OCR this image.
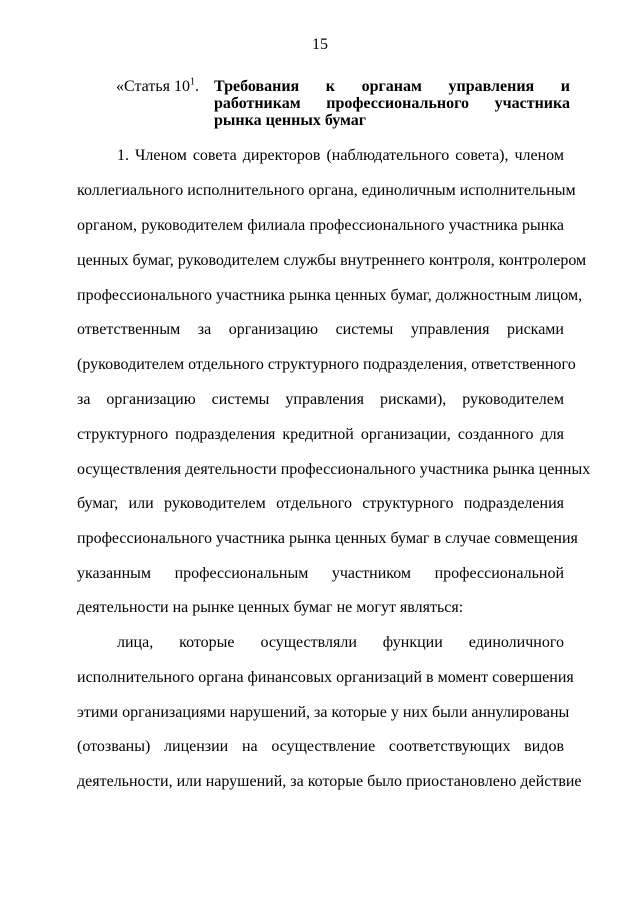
15
«Статья $10^1$. Требования к органам управления и работникам профессионального участника рынка ценных бумаг
1. Членом совета директоров (наблюдательного совета), членом
коллегиального исполнительного органа, единоличным исполнительным
органом, руководителем филиала профессионального участника рынка
ценных бумаг, руководителем службы внутреннего контроля, контролером
профессионального участника рынка ценных бумаг, должностным лицом,
ответственным за организацию системы управления рисками
(руководителем отдельного структурного подразделения, ответственного
за организацию системы управления рисками), руководителем
структурного подразделения кредитной организации, созданного для
осуществления деятельности профессионального участника рынка ценных
бумаг, или руководителем отдельного структурного подразделения
профессионального участника рынка ценных бумаг в случае совмещения
указанным профессиональным участником профессиональной
деятельности на рынке ценных бумаг не могут являться:
лица, которые осуществляли функции единоличного
исполнительного органа финансовых организаций в момент совершения
этими организациями нарушений, за которые у них были аннулированы
(отозваны) лицензии на осуществление соответствующих видов
деятельности, или нарушений, за которые было приостановлено действие
